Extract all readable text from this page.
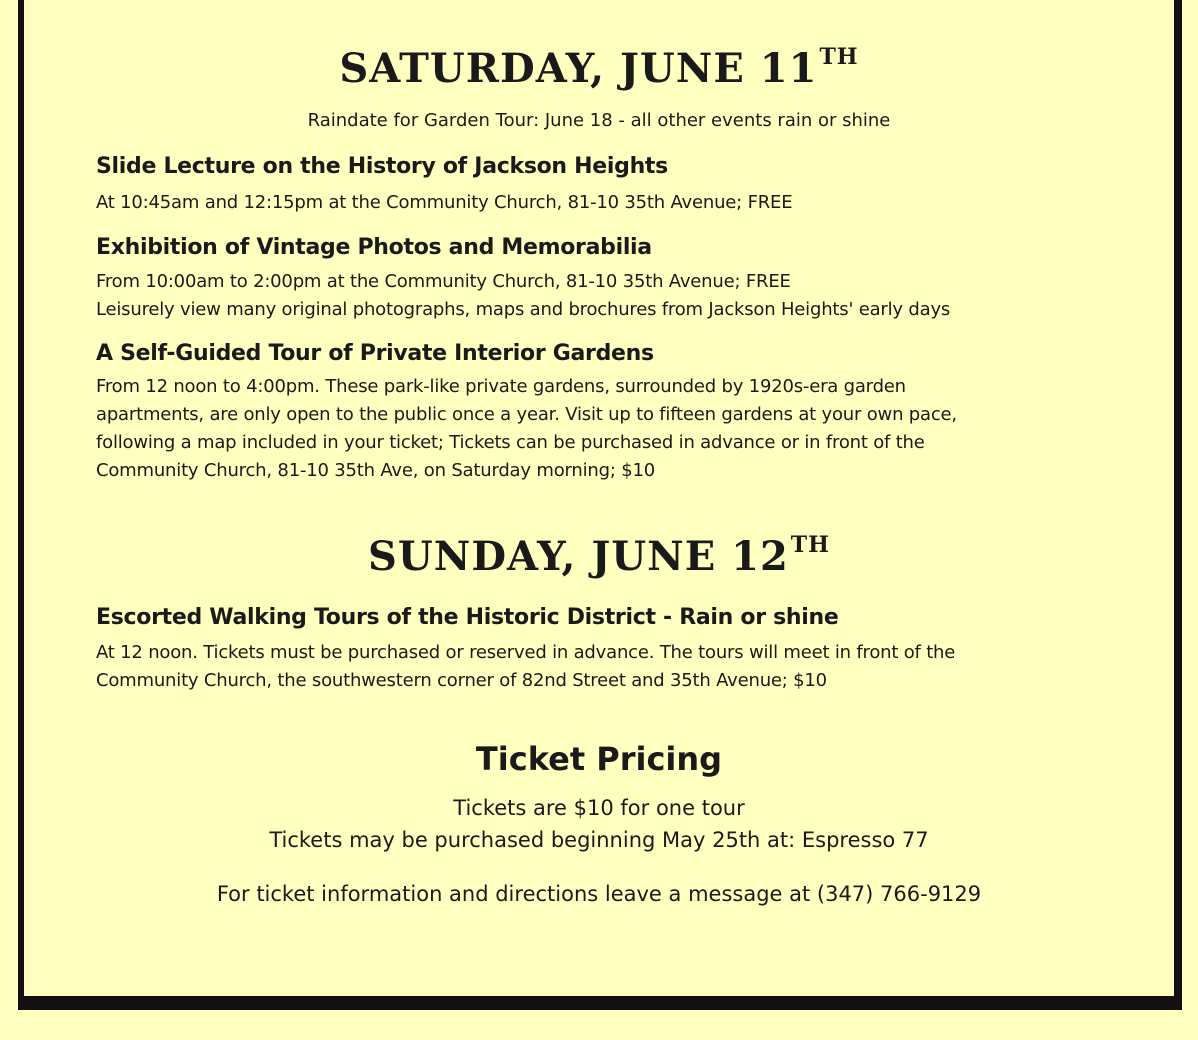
SATURDAY, JUNE 11TH
Raindate for Garden Tour: June 18 - all other events rain or shine
Slide Lecture on the History of Jackson Heights
At 10:45am and 12:15pm at the Community Church, 81-10 35th Avenue; FREE
Exhibition of Vintage Photos and Memorabilia
From 10:00am to 2:00pm at the Community Church, 81-10 35th Avenue; FREE
Leisurely view many original photographs, maps and brochures from Jackson Heights' early days
A Self-Guided Tour of Private Interior Gardens
From 12 noon to 4:00pm. These park-like private gardens, surrounded by 1920s-era garden
apartments, are only open to the public once a year. Visit up to fifteen gardens at your own pace,
following a map included in your ticket; Tickets can be purchased in advance or in front of the
Community Church, 81-10 35th Ave, on Saturday morning; $10
SUNDAY, JUNE 12TH
Escorted Walking Tours of the Historic District - Rain or shine
At 12 noon. Tickets must be purchased or reserved in advance. The tours will meet in front of the
Community Church, the southwestern corner of 82nd Street and 35th Avenue; $10
Ticket Pricing
Tickets are $10 for one tour
Tickets may be purchased beginning May 25th at: Espresso 77
For ticket information and directions leave a message at (347) 766-9129
